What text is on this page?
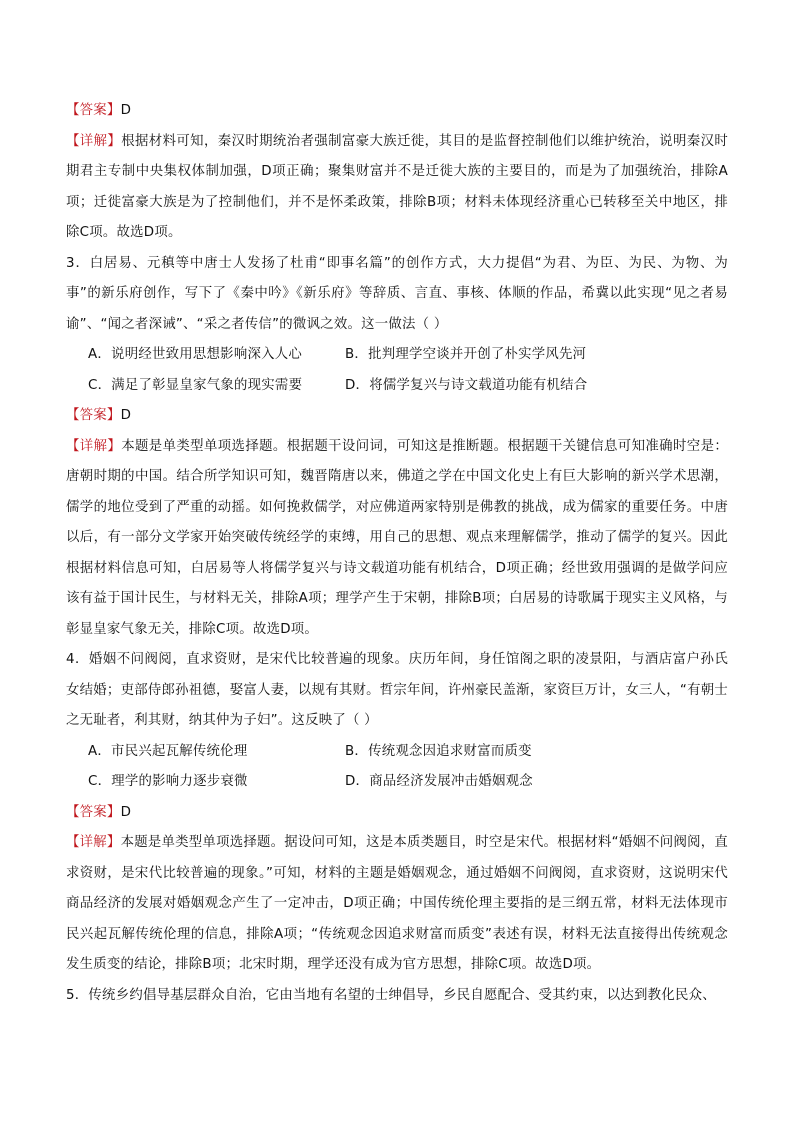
【答案】D

【详解】根据材料可知，秦汉时期统治者强制富豪大族迁徙，其目的是监督控制他们以维护统治，说明秦汉时期君主专制中央集权体制加强，D项正确；聚集财富并不是迁徙大族的主要目的，而是为了加强统治，排除A项；迁徙富豪大族是为了控制他们，并不是怀柔政策，排除B项；材料未体现经济重心已转移至关中地区，排除C项。故选D项。

3．白居易、元稹等中唐士人发扬了杜甫“即事名篇”的创作方式，大力提倡“为君、为臣、为民、为物、为事”的新乐府创作，写下了《秦中吟》《新乐府》等辞质、言直、事核、体顺的作品，希冀以此实现“见之者易谕”、“闻之者深诫”、“采之者传信”的微讽之效。这一做法（ ）

A．说明经世致用思想影响深入人心	B．批判理学空谈并开创了朴实学风先河
C．满足了彰显皇家气象的现实需要	D．将儒学复兴与诗文载道功能有机结合

【答案】D

【详解】本题是单类型单项选择题。根据题干设问词，可知这是推断题。根据题干关键信息可知准确时空是：唐朝时期的中国。结合所学知识可知，魏晋隋唐以来，佛道之学在中国文化史上有巨大影响的新兴学术思潮，儒学的地位受到了严重的动摇。如何挽救儒学，对应佛道两家特别是佛教的挑战，成为儒家的重要任务。中唐以后，有一部分文学家开始突破传统经学的束缚，用自己的思想、观点来理解儒学，推动了儒学的复兴。因此根据材料信息可知，白居易等人将儒学复兴与诗文载道功能有机结合，D项正确；经世致用强调的是做学问应该有益于国计民生，与材料无关，排除A项；理学产生于宋朝，排除B项；白居易的诗歌属于现实主义风格，与彰显皇家气象无关，排除C项。故选D项。

4．婚姻不问阀阅，直求资财，是宋代比较普遍的现象。庆历年间，身任馆阁之职的凌景阳，与酒店富户孙氏女结婚；吏部侍郎孙祖德，娶富人妻，以规有其财。哲宗年间，许州豪民盖渐，家资巨万计，女三人，“有朝士之无耻者，利其财，纳其仲为子妇”。这反映了（ ）

A．市民兴起瓦解传统伦理	B．传统观念因追求财富而质变
C．理学的影响力逐步衰微	D．商品经济发展冲击婚姻观念

【答案】D

【详解】本题是单类型单项选择题。据设问可知，这是本质类题目，时空是宋代。根据材料“婚姻不问阀阅，直求资财，是宋代比较普遍的现象。”可知，材料的主题是婚姻观念，通过婚姻不问阀阅，直求资财，这说明宋代商品经济的发展对婚姻观念产生了一定冲击，D项正确；中国传统伦理主要指的是三纲五常，材料无法体现市民兴起瓦解传统伦理的信息，排除A项；“传统观念因追求财富而质变”表述有误，材料无法直接得出传统观念发生质变的结论，排除B项；北宋时期，理学还没有成为官方思想，排除C项。故选D项。

5．传统乡约倡导基层群众自治，它由当地有名望的士绅倡导，乡民自愿配合、受其约束，以达到教化民众、
